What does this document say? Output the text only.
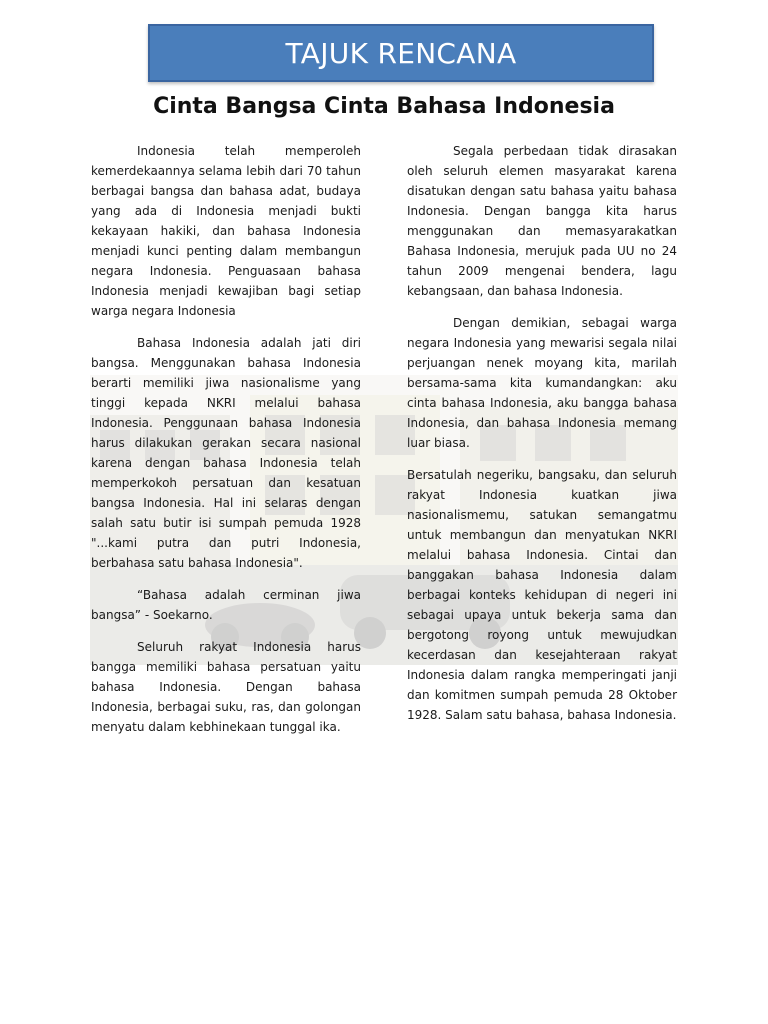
TAJUK RENCANA
Cinta Bangsa Cinta Bahasa Indonesia

Indonesia telah memperoleh kemerdekaannya selama lebih dari 70 tahun berbagai bangsa dan bahasa adat, budaya yang ada di Indonesia menjadi bukti kekayaan hakiki, dan bahasa Indonesia menjadi kunci penting dalam membangun negara Indonesia. Penguasaan bahasa Indonesia menjadi kewajiban bagi setiap warga negara Indonesia

Bahasa Indonesia adalah jati diri bangsa. Menggunakan bahasa Indonesia berarti memiliki jiwa nasionalisme yang tinggi kepada NKRI melalui bahasa Indonesia. Penggunaan bahasa Indonesia harus dilakukan gerakan secara nasional karena dengan bahasa Indonesia telah memperkokoh persatuan dan kesatuan bangsa Indonesia. Hal ini selaras dengan salah satu butir isi sumpah pemuda 1928 "...kami putra dan putri Indonesia, berbahasa satu bahasa Indonesia".

“Bahasa adalah cerminan jiwa bangsa” - Soekarno.

Seluruh rakyat Indonesia harus bangga memiliki bahasa persatuan yaitu bahasa Indonesia. Dengan bahasa Indonesia, berbagai suku, ras, dan golongan menyatu dalam kebhinekaan tunggal ika.

Segala perbedaan tidak dirasakan oleh seluruh elemen masyarakat karena disatukan dengan satu bahasa yaitu bahasa Indonesia. Dengan bangga kita harus menggunakan dan memasyarakatkan Bahasa Indonesia, merujuk pada UU no 24 tahun 2009 mengenai bendera, lagu kebangsaan, dan bahasa Indonesia.

Dengan demikian, sebagai warga negara Indonesia yang mewarisi segala nilai perjuangan nenek moyang kita, marilah bersama-sama kita kumandangkan: aku cinta bahasa Indonesia, aku bangga bahasa Indonesia, dan bahasa Indonesia memang luar biasa.

Bersatulah negeriku, bangsaku, dan seluruh rakyat Indonesia kuatkan jiwa nasionalismemu, satukan semangatmu untuk membangun dan menyatukan NKRI melalui bahasa Indonesia. Cintai dan banggakan bahasa Indonesia dalam berbagai konteks kehidupan di negeri ini sebagai upaya untuk bekerja sama dan bergotong royong untuk mewujudkan kecerdasan dan kesejahteraan rakyat Indonesia dalam rangka memperingati janji dan komitmen sumpah pemuda 28 Oktober 1928. Salam satu bahasa, bahasa Indonesia.
